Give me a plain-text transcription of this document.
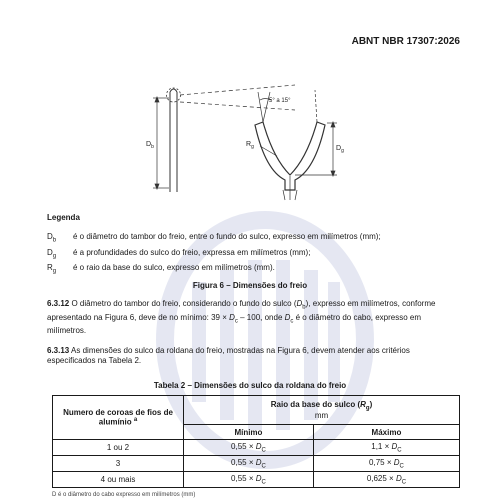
ABNT NBR 17307:2026
$D_b$
5° a 15°
$D_g$
$R_g$
Legenda
$D_b$ é o diâmetro do tambor do freio, entre o fundo do sulco, expresso em milímetros (mm);
$D_g$ é a profundidades do sulco do freio, expressa em milímetros (mm);
$R_g$ é o raio da base do sulco, expresso em milímetros (mm).
Figura 6 – Dimensões do freio
6.3.12 O diâmetro do tambor do freio, considerando o fundo do sulco $(D_b)$, expresso em milímetros, conforme apresentado na Figura 6, deve de no mínimo: $39 \times D_c - 100$, onde $D_c$ é o diâmetro do cabo, expresso em milímetros.
6.3.13 As dimensões do sulco da roldana do freio, mostradas na Figura 6, devem atender aos critérios especificados na Tabela 2.
Tabela 2 – Dimensões do sulco da roldana do freio
Numero de coroas de fios de alumínio $^a$	Raio da base do sulco $(R_g)$
mm	
	Mínimo	Máximo
1 ou 2	$0,55 \times D_C$	$1,1 \times D_C$
3	$0,55 \times D_C$	$0,75 \times D_C$
4 ou mais	$0,55 \times D_C$	$0,625 \times D_C$
D é o diâmetro do cabo expresso em milímetros (mm)
